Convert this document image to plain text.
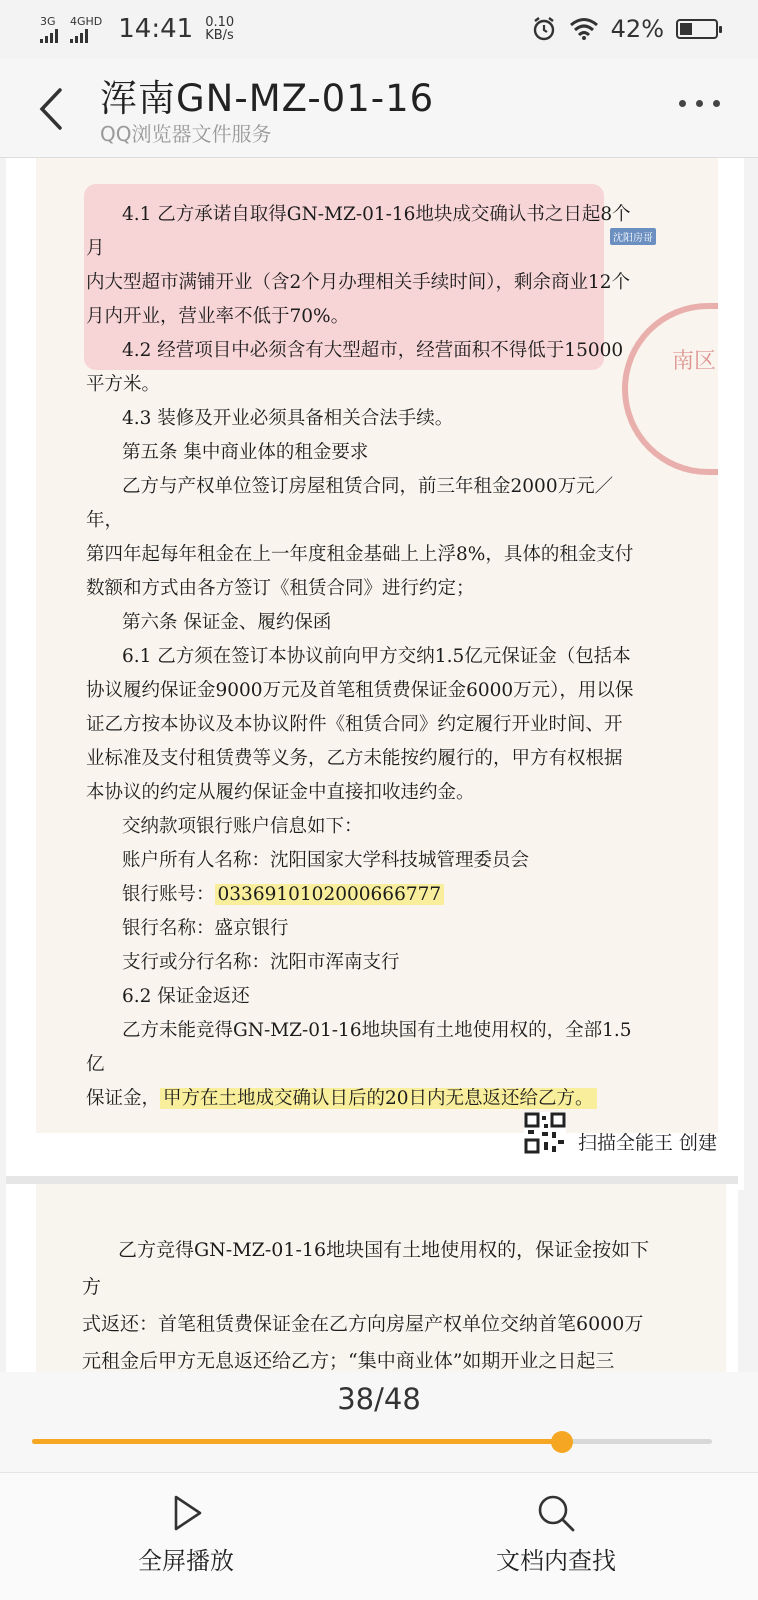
3G 4GHD 14:41 0.10
KB/s	42%
浑南GN-MZ-01-16
QQ浏览器文件服务
南区
沈阳房哥

4.1 乙方承诺自取得GN-MZ-01-16地块成交确认书之日起8个月

内大型超市满铺开业（含2个月办理相关手续时间），剩余商业12个

月内开业，营业率不低于70%。

4.2 经营项目中必须含有大型超市，经营面积不得低于15000

平方米。

4.3 装修及开业必须具备相关合法手续。

第五条 集中商业体的租金要求

乙方与产权单位签订房屋租赁合同，前三年租金2000万元／年，

第四年起每年租金在上一年度租金基础上上浮8%，具体的租金支付

数额和方式由各方签订《租赁合同》进行约定；

第六条 保证金、履约保函

6.1 乙方须在签订本协议前向甲方交纳1.5亿元保证金（包括本

协议履约保证金9000万元及首笔租赁费保证金6000万元），用以保

证乙方按本协议及本协议附件《租赁合同》约定履行开业时间、开

业标准及支付租赁费等义务，乙方未能按约履行的，甲方有权根据

本协议的约定从履约保证金中直接扣收违约金。

交纳款项银行账户信息如下：

账户所有人名称：沈阳国家大学科技城管理委员会

银行账号： 0336910102000666777

银行名称：盛京银行

支行或分行名称：沈阳市浑南支行

6.2 保证金返还

乙方未能竞得GN-MZ-01-16地块国有土地使用权的，全部1.5亿

保证金， 甲方在土地成交确认日后的20日内无息返还给乙方。

扫描全能王 创建

乙方竞得GN-MZ-01-16地块国有土地使用权的，保证金按如下方

式返还：首笔租赁费保证金在乙方向房屋产权单位交纳首笔6000万

元租金后甲方无息返还给乙方；“集中商业体”如期开业之日起三

38/48
全屏播放	文档内查找
